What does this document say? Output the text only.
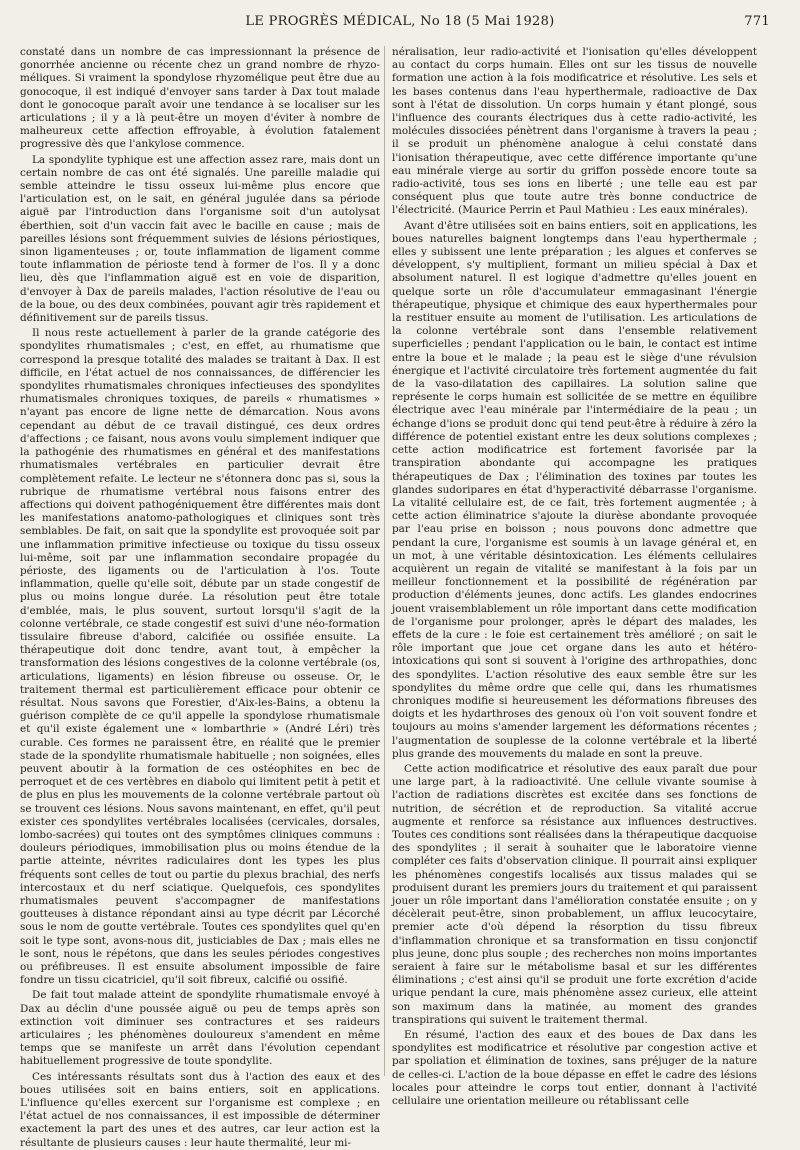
LE PROGRÈS MÉDICAL, No 18 (5 Mai 1928)	771

constaté dans un nombre de cas impressionnant la présence de gonorrhée ancienne ou récente chez un grand nombre de rhyzo-méliques. Si vraiment la spondylose rhyzomélique peut être due au gonocoque, il est indiqué d'envoyer sans tarder à Dax tout malade dont le gonocoque paraît avoir une tendance à se localiser sur les articulations ; il y a là peut-être un moyen d'éviter à nombre de malheureux cette affection effroyable, à évolution fatalement progressive dès que l'ankylose commence.

La spondylite typhique est une affection assez rare, mais dont un certain nombre de cas ont été signalés. Une pareille maladie qui semble atteindre le tissu osseux lui-même plus encore que l'articulation est, on le sait, en général jugulée dans sa période aiguë par l'introduction dans l'organisme soit d'un autolysat éberthien, soit d'un vaccin fait avec le bacille en cause ; mais de pareilles lésions sont fréquemment suivies de lésions périostiques, sinon ligamenteuses ; or, toute inflammation de ligament comme toute inflammation de périoste tend à former de l'os. Il y a donc lieu, dès que l'inflammation aiguë est en voie de disparition, d'envoyer à Dax de pareils malades, l'action résolutive de l'eau ou de la boue, ou des deux combinées, pouvant agir très rapidement et définitivement sur de pareils tissus.

Il nous reste actuellement à parler de la grande catégorie des spondylites rhumatismales ; c'est, en effet, au rhumatisme que correspond la presque totalité des malades se traitant à Dax. Il est difficile, en l'état actuel de nos connaissances, de différencier les spondylites rhumatismales chroniques infectieuses des spondylites rhumatismales chroniques toxiques, de pareils « rhumatismes » n'ayant pas encore de ligne nette de démarcation. Nous avons cependant au début de ce travail distingué, ces deux ordres d'affections ; ce faisant, nous avons voulu simplement indiquer que la pathogénie des rhumatismes en général et des manifestations rhumatismales vertébrales en particulier devrait être complètement refaite. Le lecteur ne s'étonnera donc pas si, sous la rubrique de rhumatisme vertébral nous faisons entrer des affections qui doivent pathogéniquement être différentes mais dont les manifestations anatomo-pathologiques et cliniques sont très semblables. De fait, on sait que la spondylite est provoquée soit par une inflammation primitive infectieuse ou toxique du tissu osseux lui-même, soit par une inflammation secondaire propagée du périoste, des ligaments ou de l'articulation à l'os. Toute inflammation, quelle qu'elle soit, débute par un stade congestif de plus ou moins longue durée. La résolution peut être totale d'emblée, mais, le plus souvent, surtout lorsqu'il s'agit de la colonne vertébrale, ce stade congestif est suivi d'une néo-formation tissulaire fibreuse d'abord, calcifiée ou ossifiée ensuite. La thérapeutique doit donc tendre, avant tout, à empêcher la transformation des lésions congestives de la colonne vertébrale (os, articulations, ligaments) en lésion fibreuse ou osseuse. Or, le traitement thermal est particulièrement efficace pour obtenir ce résultat. Nous savons que Forestier, d'Aix-les-Bains, a obtenu la guérison complète de ce qu'il appelle la spondylose rhumatismale et qu'il existe également une « lombarthrie » (André Léri) très curable. Ces formes ne paraissent être, en réalité que le premier stade de la spondylite rhumatismale habituelle ; non soignées, elles peuvent aboutir à la formation de ces ostéophites en bec de perroquet et de ces vertèbres en diabolo qui limitent petit à petit et de plus en plus les mouvements de la colonne vertébrale partout où se trouvent ces lésions. Nous savons maintenant, en effet, qu'il peut exister ces spondylites vertébrales localisées (cervicales, dorsales, lombo-sacrées) qui toutes ont des symptômes cliniques communs : douleurs périodiques, immobilisation plus ou moins étendue de la partie atteinte, névrites radiculaires dont les types les plus fréquents sont celles de tout ou partie du plexus brachial, des nerfs intercostaux et du nerf sciatique. Quelquefois, ces spondylites rhumatismales peuvent s'accompagner de manifestations goutteuses à distance répondant ainsi au type décrit par Lécorché sous le nom de goutte vertébrale. Toutes ces spondylites quel qu'en soit le type sont, avons-nous dit, justiciables de Dax ; mais elles ne le sont, nous le répétons, que dans les seules périodes congestives ou préfibreuses. Il est ensuite absolument impossible de faire fondre un tissu cicatriciel, qu'il soit fibreux, calcifié ou ossifié.

De fait tout malade atteint de spondylite rhumatismale envoyé à Dax au déclin d'une poussée aiguë ou peu de temps après son extinction voit diminuer ses contractures et ses raideurs articulaires ; les phénomènes douloureux s'amendent en même temps que se manifeste un arrêt dans l'évolution cependant habituellement progressive de toute spondylite.

Ces intéressants résultats sont dus à l'action des eaux et des boues utilisées soit en bains entiers, soit en applications. L'influence qu'elles exercent sur l'organisme est complexe ; en l'état actuel de nos connaissances, il est impossible de déterminer exactement la part des unes et des autres, car leur action est la résultante de plusieurs causes : leur haute thermalité, leur mi-

néralisation, leur radio-activité et l'ionisation qu'elles développent au contact du corps humain. Elles ont sur les tissus de nouvelle formation une action à la fois modificatrice et résolutive. Les sels et les bases contenus dans l'eau hyperthermale, radioactive de Dax sont à l'état de dissolution. Un corps humain y étant plongé, sous l'influence des courants électriques dus à cette radio-activité, les molécules dissociées pénètrent dans l'organisme à travers la peau ; il se produit un phénomène analogue à celui constaté dans l'ionisation thérapeutique, avec cette différence importante qu'une eau minérale vierge au sortir du griffon possède encore toute sa radio-activité, tous ses ions en liberté ; une telle eau est par conséquent plus que toute autre très bonne conductrice de l'électricité. (Maurice Perrin et Paul Mathieu : Les eaux minérales).

Avant d'être utilisées soit en bains entiers, soit en applications, les boues naturelles baignent longtemps dans l'eau hyperthermale ; elles y subissent une lente préparation ; les algues et conferves se développent, s'y multiplient, formant un milieu spécial à Dax et absolument naturel. Il est logique d'admettre qu'elles jouent en quelque sorte un rôle d'accumulateur emmagasinant l'énergie thérapeutique, physique et chimique des eaux hyperthermales pour la restituer ensuite au moment de l'utilisation. Les articulations de la colonne vertébrale sont dans l'ensemble relativement superficielles ; pendant l'application ou le bain, le contact est intime entre la boue et le malade ; la peau est le siège d'une révulsion énergique et l'activité circulatoire très fortement augmentée du fait de la vaso-dilatation des capillaires. La solution saline que représente le corps humain est sollicitée de se mettre en équilibre électrique avec l'eau minérale par l'intermédiaire de la peau ; un échange d'ions se produit donc qui tend peut-être à réduire à zéro la différence de potentiel existant entre les deux solutions complexes ; cette action modificatrice est fortement favorisée par la transpiration abondante qui accompagne les pratiques thérapeutiques de Dax ; l'élimination des toxines par toutes les glandes sudoripares en état d'hyperactivité débarrasse l'organisme. La vitalité cellulaire est, de ce fait, très fortement augmentée ; à cette action éliminatrice s'ajoute la diurèse abondante provoquée par l'eau prise en boisson ; nous pouvons donc admettre que pendant la cure, l'organisme est soumis à un lavage général et, en un mot, à une véritable désintoxication. Les éléments cellulaires acquièrent un regain de vitalité se manifestant à la fois par un meilleur fonctionnement et la possibilité de régénération par production d'éléments jeunes, donc actifs. Les glandes endocrines jouent vraisemblablement un rôle important dans cette modification de l'organisme pour prolonger, après le départ des malades, les effets de la cure : le foie est certainement très amélioré ; on sait le rôle important que joue cet organe dans les auto et hétéro-intoxications qui sont si souvent à l'origine des arthropathies, donc des spondylites. L'action résolutive des eaux semble être sur les spondylites du même ordre que celle qui, dans les rhumatismes chroniques modifie si heureusement les déformations fibreuses des doigts et les hydarthroses des genoux où l'on voit souvent fondre et toujours au moins s'amender largement les déformations récentes ; l'augmentation de souplesse de la colonne vertébrale et la liberté plus grande des mouvements du malade en sont la preuve.

Cette action modificatrice et résolutive des eaux paraît due pour une large part, à la radioactivité. Une cellule vivante soumise à l'action de radiations discrètes est excitée dans ses fonctions de nutrition, de sécrétion et de reproduction. Sa vitalité accrue augmente et renforce sa résistance aux influences destructives. Toutes ces conditions sont réalisées dans la thérapeutique dacquoise des spondylites ; il serait à souhaiter que le laboratoire vienne compléter ces faits d'observation clinique. Il pourrait ainsi expliquer les phénomènes congestifs localisés aux tissus malades qui se produisent durant les premiers jours du traitement et qui paraissent jouer un rôle important dans l'amélioration constatée ensuite ; on y décèlerait peut-être, sinon probablement, un afflux leucocytaire, premier acte d'où dépend la résorption du tissu fibreux d'inflammation chronique et sa transformation en tissu conjonctif plus jeune, donc plus souple ; des recherches non moins importantes seraient à faire sur le métabolisme basal et sur les différentes éliminations ; c'est ainsi qu'il se produit une forte excrétion d'acide urique pendant la cure, mais phénomène assez curieux, elle atteint son maximum dans la matinée, au moment des grandes transpirations qui suivent le traitement thermal.

En résumé, l'action des eaux et des boues de Dax dans les spondylites est modificatrice et résolutive par congestion active et par spoliation et élimination de toxines, sans préjuger de la nature de celles-ci. L'action de la boue dépasse en effet le cadre des lésions locales pour atteindre le corps tout entier, donnant à l'activité cellulaire une orientation meilleure ou rétablissant celle
